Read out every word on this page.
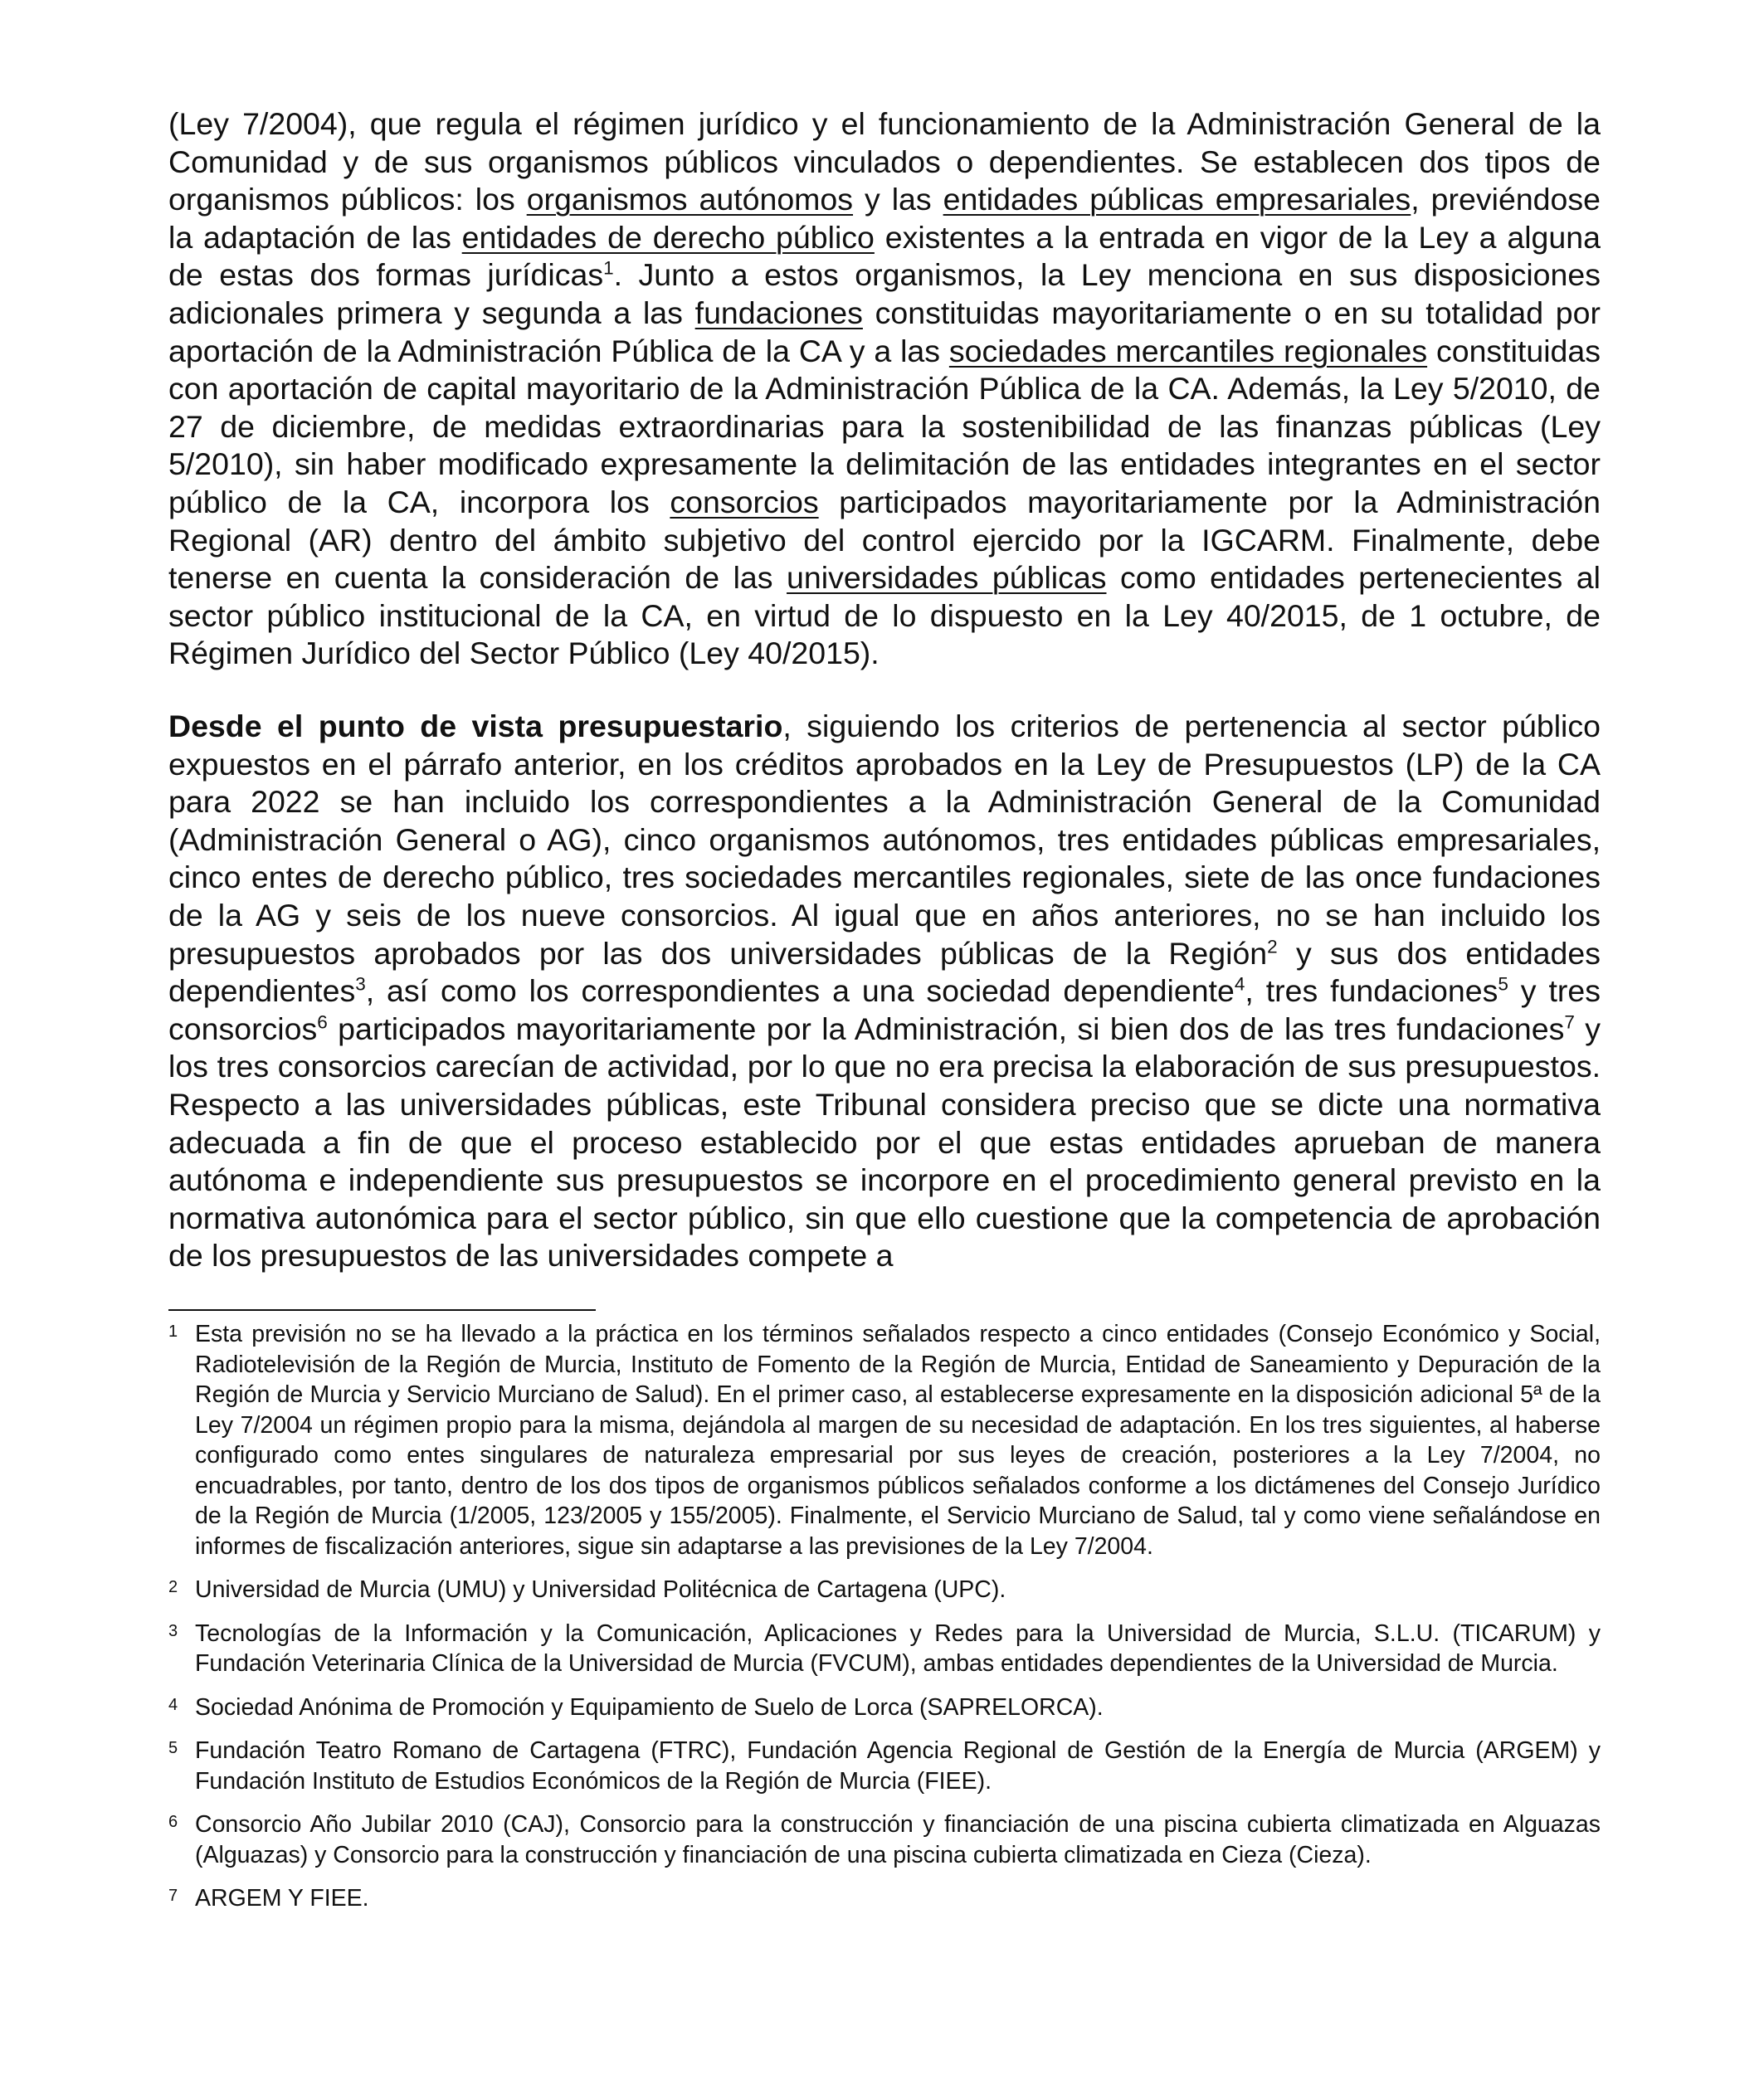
(Ley 7/2004), que regula el régimen jurídico y el funcionamiento de la Administración General de la Comunidad y de sus organismos públicos vinculados o dependientes. Se establecen dos tipos de organismos públicos: los organismos autónomos y las entidades públicas empresariales, previéndose la adaptación de las entidades de derecho público existentes a la entrada en vigor de la Ley a alguna de estas dos formas jurídicas$^1$. Junto a estos organismos, la Ley menciona en sus disposiciones adicionales primera y segunda a las fundaciones constituidas mayoritariamente o en su totalidad por aportación de la Administración Pública de la CA y a las sociedades mercantiles regionales constituidas con aportación de capital mayoritario de la Administración Pública de la CA. Además, la Ley 5/2010, de 27 de diciembre, de medidas extraordinarias para la sostenibilidad de las finanzas públicas (Ley 5/2010), sin haber modificado expresamente la delimitación de las entidades integrantes en el sector público de la CA, incorpora los consorcios participados mayoritariamente por la Administración Regional (AR) dentro del ámbito subjetivo del control ejercido por la IGCARM. Finalmente, debe tenerse en cuenta la consideración de las universidades públicas como entidades pertenecientes al sector público institucional de la CA, en virtud de lo dispuesto en la Ley 40/2015, de 1 octubre, de Régimen Jurídico del Sector Público (Ley 40/2015).

Desde el punto de vista presupuestario, siguiendo los criterios de pertenencia al sector público expuestos en el párrafo anterior, en los créditos aprobados en la Ley de Presupuestos (LP) de la CA para 2022 se han incluido los correspondientes a la Administración General de la Comunidad (Administración General o AG), cinco organismos autónomos, tres entidades públicas empresariales, cinco entes de derecho público, tres sociedades mercantiles regionales, siete de las once fundaciones de la AG y seis de los nueve consorcios. Al igual que en años anteriores, no se han incluido los presupuestos aprobados por las dos universidades públicas de la Región$^2$ y sus dos entidades dependientes$^3$, así como los correspondientes a una sociedad dependiente$^4$, tres fundaciones$^5$ y tres consorcios$^6$ participados mayoritariamente por la Administración, si bien dos de las tres fundaciones$^7$ y los tres consorcios carecían de actividad, por lo que no era precisa la elaboración de sus presupuestos. Respecto a las universidades públicas, este Tribunal considera preciso que se dicte una normativa adecuada a fin de que el proceso establecido por el que estas entidades aprueban de manera autónoma e independiente sus presupuestos se incorpore en el procedimiento general previsto en la normativa autonómica para el sector público, sin que ello cuestione que la competencia de aprobación de los presupuestos de las universidades compete a

1 Esta previsión no se ha llevado a la práctica en los términos señalados respecto a cinco entidades (Consejo Económico y Social, Radiotelevisión de la Región de Murcia, Instituto de Fomento de la Región de Murcia, Entidad de Saneamiento y Depuración de la Región de Murcia y Servicio Murciano de Salud). En el primer caso, al establecerse expresamente en la disposición adicional 5ª de la Ley 7/2004 un régimen propio para la misma, dejándola al margen de su necesidad de adaptación. En los tres siguientes, al haberse configurado como entes singulares de naturaleza empresarial por sus leyes de creación, posteriores a la Ley 7/2004, no encuadrables, por tanto, dentro de los dos tipos de organismos públicos señalados conforme a los dictámenes del Consejo Jurídico de la Región de Murcia (1/2005, 123/2005 y 155/2005). Finalmente, el Servicio Murciano de Salud, tal y como viene señalándose en informes de fiscalización anteriores, sigue sin adaptarse a las previsiones de la Ley 7/2004.
2 Universidad de Murcia (UMU) y Universidad Politécnica de Cartagena (UPC).
3 Tecnologías de la Información y la Comunicación, Aplicaciones y Redes para la Universidad de Murcia, S.L.U. (TICARUM) y Fundación Veterinaria Clínica de la Universidad de Murcia (FVCUM), ambas entidades dependientes de la Universidad de Murcia.
4 Sociedad Anónima de Promoción y Equipamiento de Suelo de Lorca (SAPRELORCA).
5 Fundación Teatro Romano de Cartagena (FTRC), Fundación Agencia Regional de Gestión de la Energía de Murcia (ARGEM) y Fundación Instituto de Estudios Económicos de la Región de Murcia (FIEE).
6 Consorcio Año Jubilar 2010 (CAJ), Consorcio para la construcción y financiación de una piscina cubierta climatizada en Alguazas (Alguazas) y Consorcio para la construcción y financiación de una piscina cubierta climatizada en Cieza (Cieza).
7 ARGEM Y FIEE.
